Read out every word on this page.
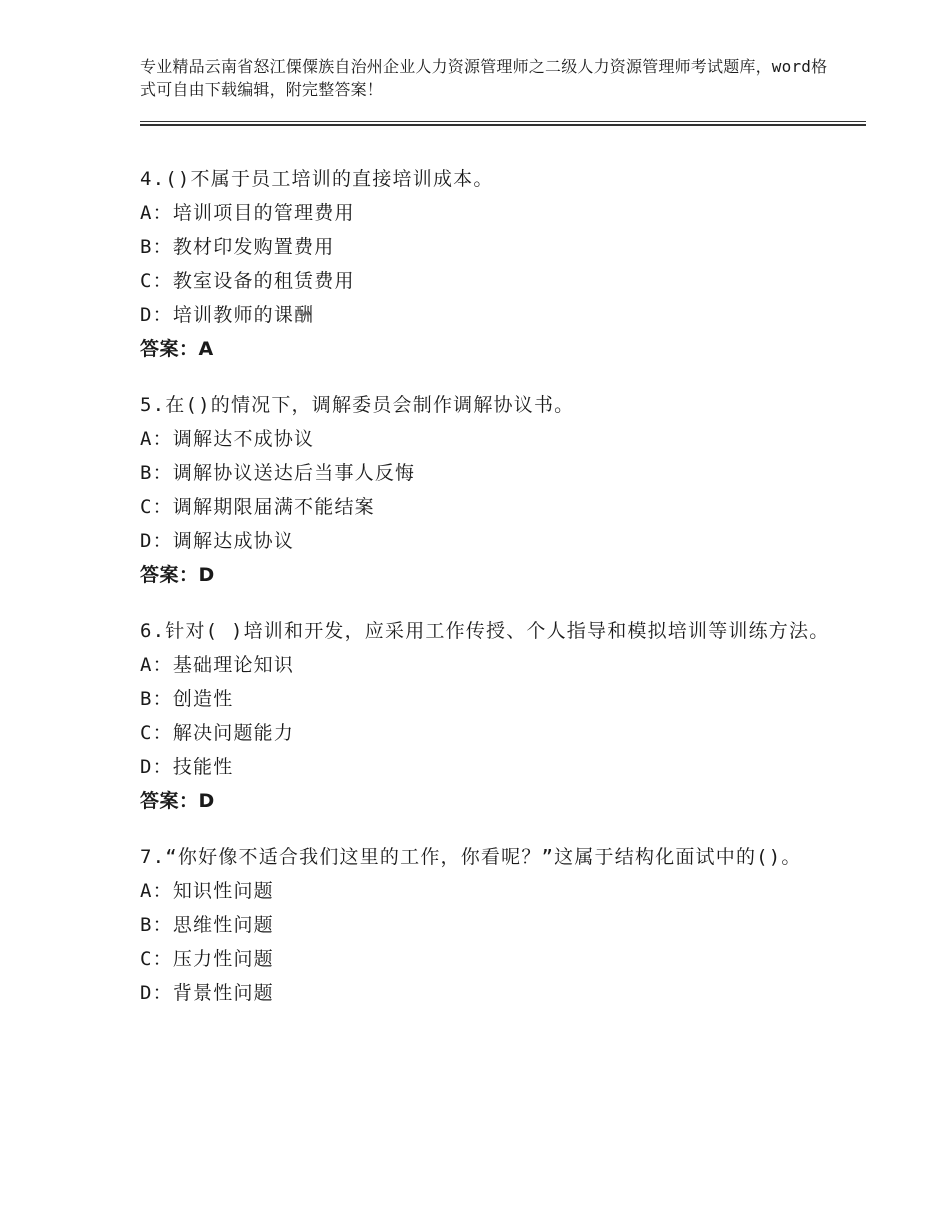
专业精品云南省怒江傈僳族自治州企业人力资源管理师之二级人力资源管理师考试题库，word格式可自由下载编辑，附完整答案！
4.()不属于员工培训的直接培训成本。
A：培训项目的管理费用
B：教材印发购置费用
C：教室设备的租赁费用
D：培训教师的课酬
答案：A
5.在()的情况下，调解委员会制作调解协议书。
A：调解达不成协议
B：调解协议送达后当事人反悔
C：调解期限届满不能结案
D：调解达成协议
答案：D
6.针对( )培训和开发，应采用工作传授、个人指导和模拟培训等训练方法。
A：基础理论知识
B：创造性
C：解决问题能力
D：技能性
答案：D
7.“你好像不适合我们这里的工作，你看呢？”这属于结构化面试中的()。
A：知识性问题
B：思维性问题
C：压力性问题
D：背景性问题
